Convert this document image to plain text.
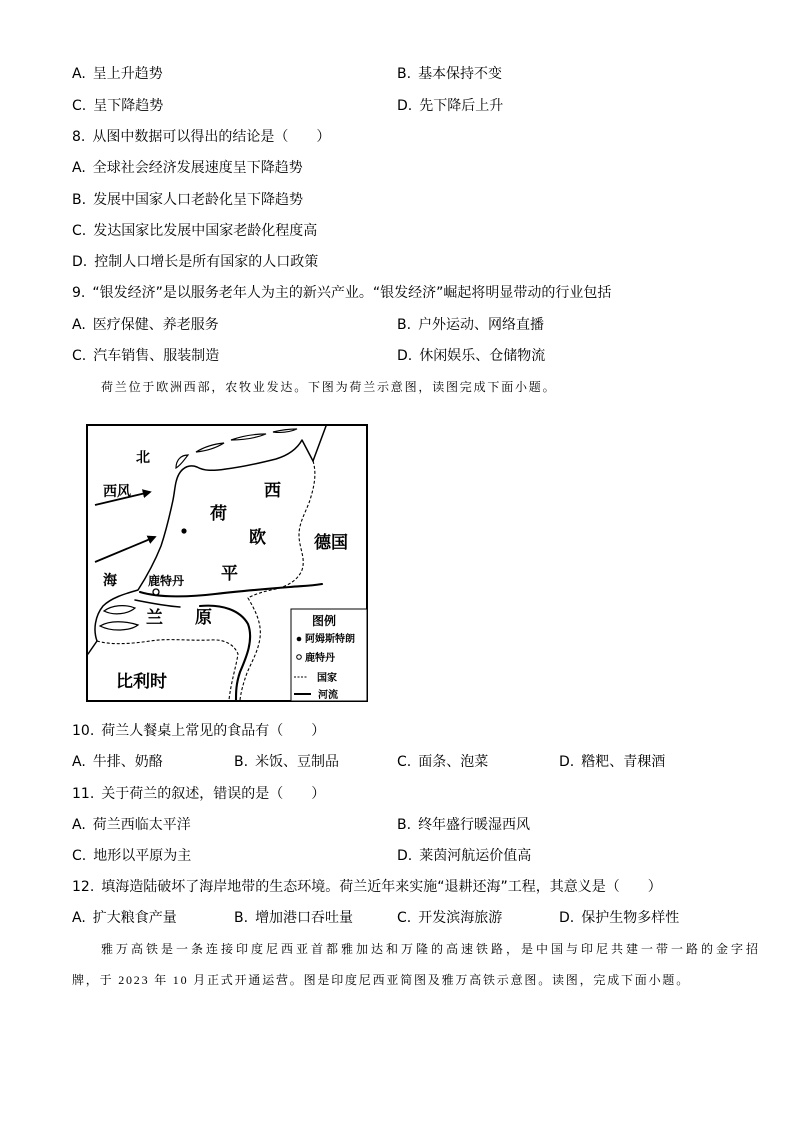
A. 呈上升趋势	B. 基本保持不变
C. 呈下降趋势	D. 先下降后上升
8. 从图中数据可以得出的结论是（　　）
A. 全球社会经济发展速度呈下降趋势
B. 发展中国家人口老龄化呈下降趋势
C. 发达国家比发展中国家老龄化程度高
D. 控制人口增长是所有国家的人口政策
9. “银发经济”是以服务老年人为主的新兴产业。“银发经济”崛起将明显带动的行业包括
A. 医疗保健、养老服务	B. 户外运动、网络直播
C. 汽车销售、服装制造	D. 休闲娱乐、仓储物流
荷兰位于欧洲西部，农牧业发达。下图为荷兰示意图，读图完成下面小题。
北
海
西风
荷
兰
西
欧
平
原
德国
比利时
鹿特丹
图例
阿姆斯特朗
鹿特丹
国家
河流
10. 荷兰人餐桌上常见的食品有（　　）
A. 牛排、奶酪	B. 米饭、豆制品	C. 面条、泡菜	D. 糌粑、青稞酒
11. 关于荷兰的叙述，错误的是（　　）
A. 荷兰西临太平洋	B. 终年盛行暖湿西风
C. 地形以平原为主	D. 莱茵河航运价值高
12. 填海造陆破坏了海岸地带的生态环境。荷兰近年来实施“退耕还海”工程，其意义是（　　）
A. 扩大粮食产量	B. 增加港口吞吐量	C. 开发滨海旅游	D. 保护生物多样性
雅万高铁是一条连接印度尼西亚首都雅加达和万隆的高速铁路，是中国与印尼共建一带一路的金字招
牌，于 2023 年 10 月正式开通运营。图是印度尼西亚简图及雅万高铁示意图。读图，完成下面小题。
